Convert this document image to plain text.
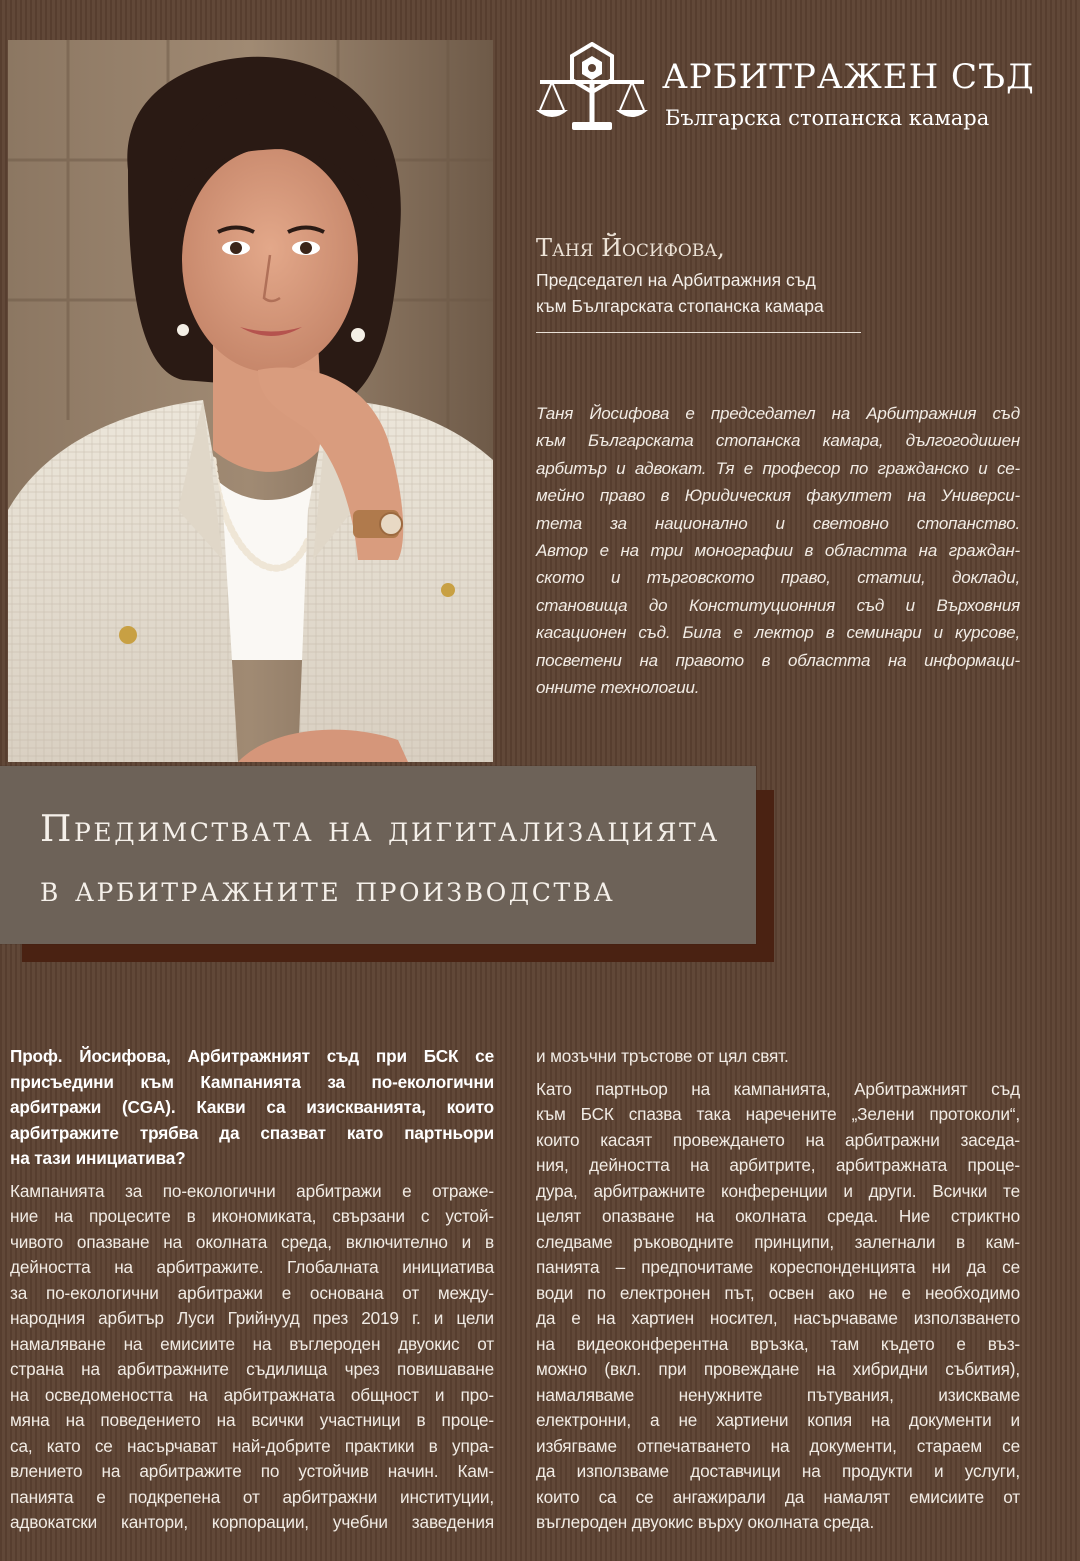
АРБИТРАЖЕН СЪД
Българска стопанска камара
Таня Йосифова,
Председател на Арбитражния съд
към Българската стопанска камара
Таня Йосифова е председател на Арбитражния съд
към Българската стопанска камара, дългогодишен
арбитър и адвокат. Тя е професор по гражданско и се-
мейно право в Юридическия факултет на Универси-
тета за национално и световно стопанство.
Автор е на три монографии в областта на граждан-
ското и търговското право, статии, доклади,
становища до Конституционния съд и Върховния
касационен съд. Била е лектор в семинари и курсове,
посветени на правото в областта на информаци-
онните технологии.
Предимствата на дигитализацията
в арбитражните производства
Проф. Йосифова, Арбитражният съд при БСК се
присъедини към Кампанията за по-екологични
арбитражи (CGA). Какви са изискванията, които
арбитражите трябва да спазват като партньори
на тази инициатива?
Кампанията за по-екологични арбитражи е отраже-
ние на процесите в икономиката, свързани с устой-
чивото опазване на околната среда, включително и в
дейността на арбитражите. Глобалната инициатива
за по-екологични арбитражи е основана от между-
народния арбитър Луси Грийнууд през 2019 г. и цели
намаляване на емисиите на въглероден двуокис от
страна на арбитражните съдилища чрез повишаване
на осведомеността на арбитражната общност и про-
мяна на поведението на всички участници в проце-
са, като се насърчават най-добрите практики в упра-
влението на арбитражите по устойчив начин. Кам-
панията е подкрепена от арбитражни институции,
адвокатски кантори, корпорации, учебни заведения
и мозъчни тръстове от цял свят.
Като партньор на кампанията, Арбитражният съд
към БСК спазва така наречените „Зелени протоколи“,
които касаят провеждането на арбитражни заседа-
ния, дейността на арбитрите, арбитражната проце-
дура, арбитражните конференции и други. Всички те
целят опазване на околната среда. Ние стриктно
следваме ръководните принципи, залегнали в кам-
панията – предпочитаме кореспонденцията ни да се
води по електронен път, освен ако не е необходимо
да е на хартиен носител, насърчаваме използването
на видеоконферентна връзка, там където е въз-
можно (вкл. при провеждане на хибридни събития),
намаляваме ненужните пътувания, изискваме
електронни, а не хартиени копия на документи и
избягваме отпечатването на документи, стараем се
да използваме доставчици на продукти и услуги,
които са се ангажирали да намалят емисиите от
въглероден двуокис върху околната среда.
